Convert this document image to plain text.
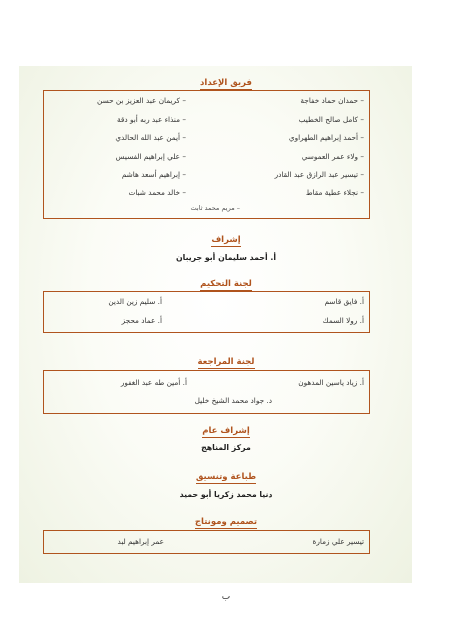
فريق الإعداد
– حمدان حماد خفاجة
– كامل صالح الخطيب
– أحمد إبراهيم الطهراوي
– ولاء عمر العموسي
– تيسير عبد الرازق عبد القادر
– نجلاء عطية مقاط
– كريمان عبد العزيز بن حسن
– منذاء عبد ربه أبو دقة
– أيمن عبد الله الحالدي
– علي إبراهيم الفسيس
– إبراهيم أسعد هاشم
– خالد محمد شبات
– مريم محمد ثابت
إشراف
أ. أحمد سليمان أبو جريبان
لجنة التحكيم
أ. فايق قاسم
أ. رولا السمك
أ. سليم زين الدين
أ. عماد محجز
لجنة المراجعة
أ. زياد ياسين المدهون
أ. أمين طه عبد الغفور
د. جواد محمد الشيخ خليل
إشراف عام
مركز المناهج
طباعة وتنسيق
دنيا محمد زكريا أبو حميد
تصميم ومونتاج
تيسير علي زمارة
عمر إبراهيم لبد
ب
